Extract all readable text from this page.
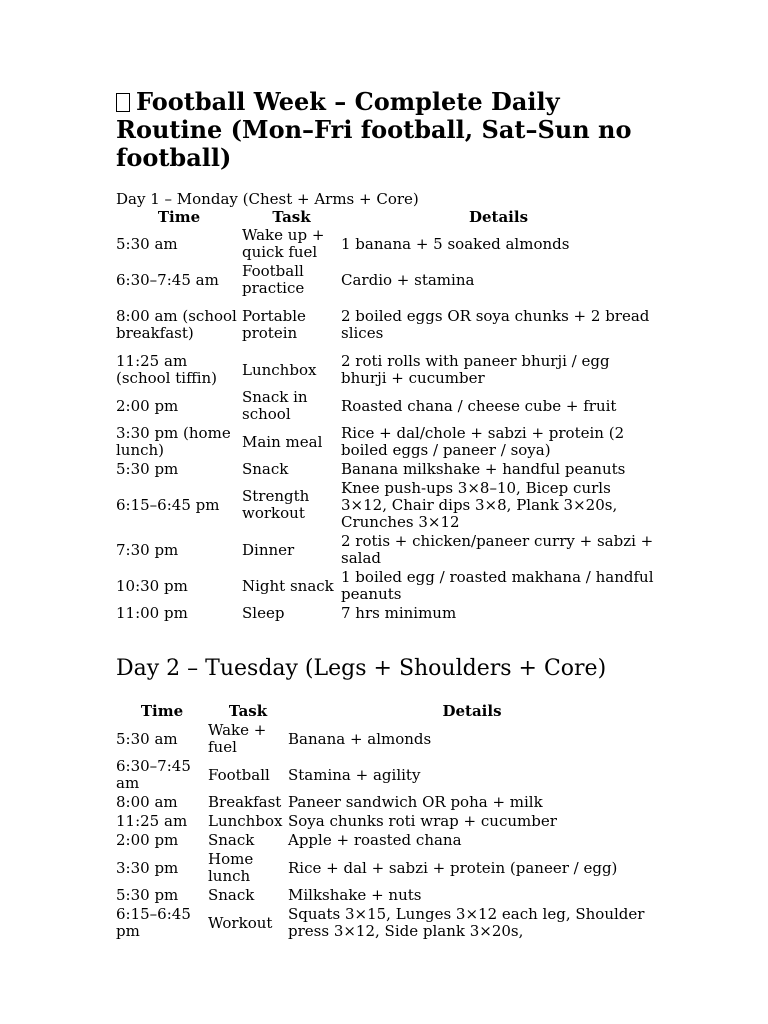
Football Week – Complete Daily Routine (Mon–Fri football, Sat–Sun no football)
Day 1 – Monday (Chest + Arms + Core)
Time	Task	Details
5:30 am	Wake up + quick fuel	1 banana + 5 soaked almonds
6:30–7:45 am	Football practice	Cardio + stamina
8:00 am (school breakfast)	Portable protein	2 boiled eggs OR soya chunks + 2 bread slices
11:25 am (school tiffin)	Lunchbox	2 roti rolls with paneer bhurji / egg bhurji + cucumber
2:00 pm	Snack in school	Roasted chana / cheese cube + fruit
3:30 pm (home lunch)	Main meal	Rice + dal/chole + sabzi + protein (2 boiled eggs / paneer / soya)
5:30 pm	Snack	Banana milkshake + handful peanuts
6:15–6:45 pm	Strength workout	Knee push-ups 3×8–10, Bicep curls 3×12, Chair dips 3×8, Plank 3×20s, Crunches 3×12
7:30 pm	Dinner	2 rotis + chicken/paneer curry + sabzi + salad
10:30 pm	Night snack	1 boiled egg / roasted makhana / handful peanuts
11:00 pm	Sleep	7 hrs minimum
Day 2 – Tuesday (Legs + Shoulders + Core)
Time	Task	Details
5:30 am	Wake + fuel	Banana + almonds
6:30–7:45 am	Football	Stamina + agility
8:00 am	Breakfast	Paneer sandwich OR poha + milk
11:25 am	Lunchbox	Soya chunks roti wrap + cucumber
2:00 pm	Snack	Apple + roasted chana
3:30 pm	Home lunch	Rice + dal + sabzi + protein (paneer / egg)
5:30 pm	Snack	Milkshake + nuts
6:15–6:45 pm	Workout	Squats 3×15, Lunges 3×12 each leg, Shoulder press 3×12, Side plank 3×20s,
